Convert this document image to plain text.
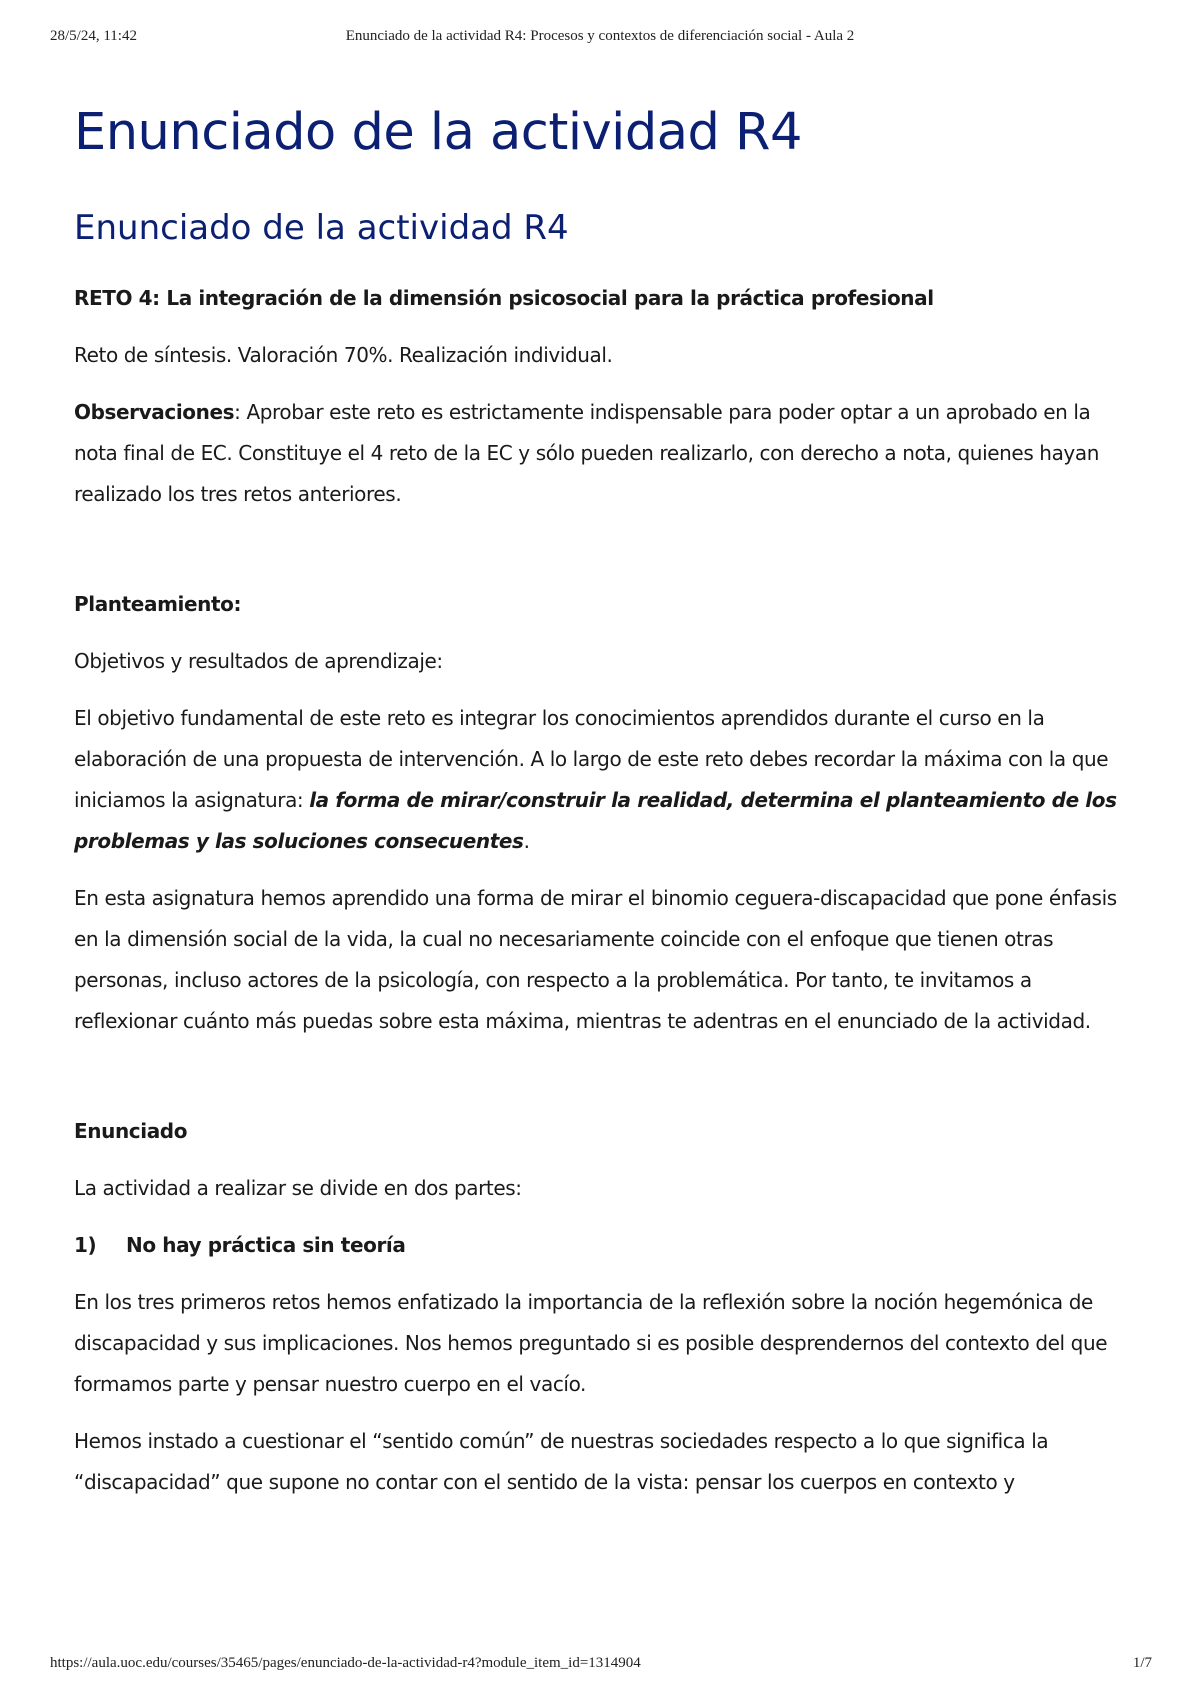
28/5/24, 11:42	Enunciado de la actividad R4: Procesos y contextos de diferenciación social - Aula 2
Enunciado de la actividad R4
Enunciado de la actividad R4

RETO 4: La integración de la dimensión psicosocial para la práctica profesional

Reto de síntesis. Valoración 70%. Realización individual.

Observaciones: Aprobar este reto es estrictamente indispensable para poder optar a un aprobado en la nota final de EC. Constituye el 4 reto de la EC y sólo pueden realizarlo, con derecho a nota, quienes hayan realizado los tres retos anteriores.

Planteamiento:

Objetivos y resultados de aprendizaje:

El objetivo fundamental de este reto es integrar los conocimientos aprendidos durante el curso en la elaboración de una propuesta de intervención. A lo largo de este reto debes recordar la máxima con la que iniciamos la asignatura: la forma de mirar/construir la realidad, determina el planteamiento de los problemas y las soluciones consecuentes.

En esta asignatura hemos aprendido una forma de mirar el binomio ceguera-discapacidad que pone énfasis en la dimensión social de la vida, la cual no necesariamente coincide con el enfoque que tienen otras personas, incluso actores de la psicología, con respecto a la problemática. Por tanto, te invitamos a reflexionar cuánto más puedas sobre esta máxima, mientras te adentras en el enunciado de la actividad.

Enunciado

La actividad a realizar se divide en dos partes:

1) No hay práctica sin teoría

En los tres primeros retos hemos enfatizado la importancia de la reflexión sobre la noción hegemónica de discapacidad y sus implicaciones. Nos hemos preguntado si es posible desprendernos del contexto del que formamos parte y pensar nuestro cuerpo en el vacío.

Hemos instado a cuestionar el “sentido común” de nuestras sociedades respecto a lo que significa la “discapacidad” que supone no contar con el sentido de la vista: pensar los cuerpos en contexto y

https://aula.uoc.edu/courses/35465/pages/enunciado-de-la-actividad-r4?module_item_id=1314904	1/7
